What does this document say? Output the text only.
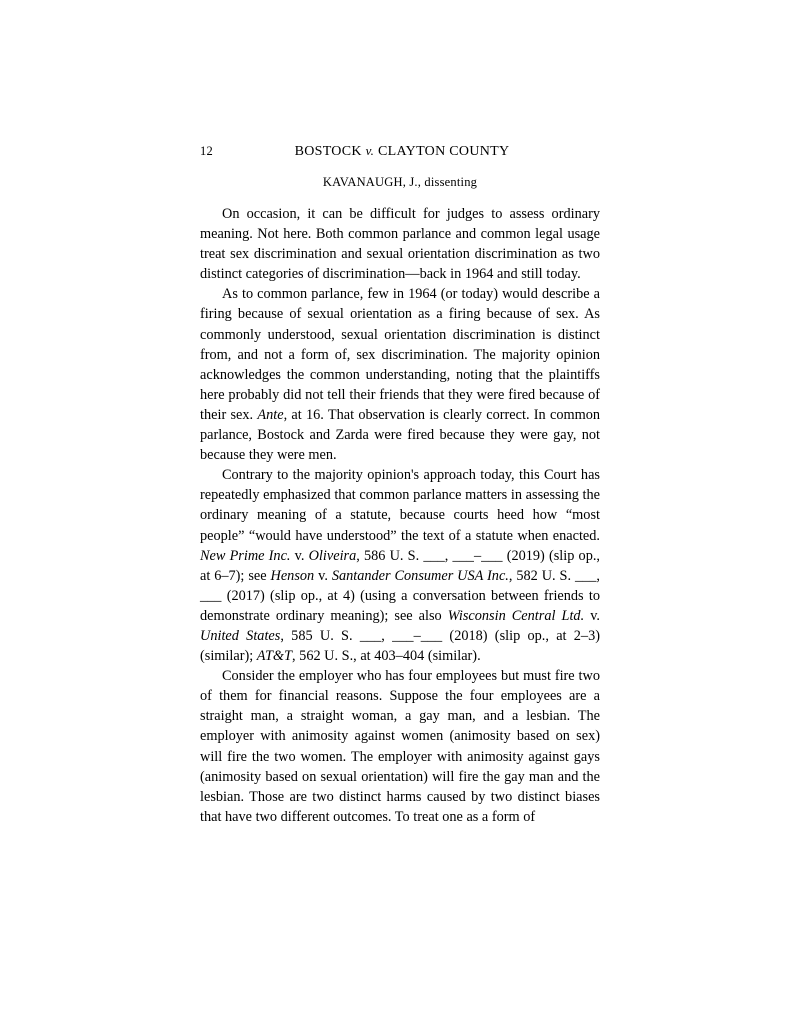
12	BOSTOCK v. CLAYTON COUNTY
KAVANAUGH, J., dissenting

On occasion, it can be difficult for judges to assess ordinary meaning. Not here. Both common parlance and common legal usage treat sex discrimination and sexual orientation discrimination as two distinct categories of discrimination—back in 1964 and still today.

As to common parlance, few in 1964 (or today) would describe a firing because of sexual orientation as a firing because of sex. As commonly understood, sexual orientation discrimination is distinct from, and not a form of, sex discrimination. The majority opinion acknowledges the common understanding, noting that the plaintiffs here probably did not tell their friends that they were fired because of their sex. Ante, at 16. That observation is clearly correct. In common parlance, Bostock and Zarda were fired because they were gay, not because they were men.

Contrary to the majority opinion's approach today, this Court has repeatedly emphasized that common parlance matters in assessing the ordinary meaning of a statute, because courts heed how “most people” “would have understood” the text of a statute when enacted. New Prime Inc. v. Oliveira, 586 U. S. ___, ___–___ (2019) (slip op., at 6–7); see Henson v. Santander Consumer USA Inc., 582 U. S. ___, ___ (2017) (slip op., at 4) (using a conversation between friends to demonstrate ordinary meaning); see also Wisconsin Central Ltd. v. United States, 585 U. S. ___, ___–___ (2018) (slip op., at 2–3) (similar); AT&T, 562 U. S., at 403–404 (similar).

Consider the employer who has four employees but must fire two of them for financial reasons. Suppose the four employees are a straight man, a straight woman, a gay man, and a lesbian. The employer with animosity against women (animosity based on sex) will fire the two women. The employer with animosity against gays (animosity based on sexual orientation) will fire the gay man and the lesbian. Those are two distinct harms caused by two distinct biases that have two different outcomes. To treat one as a form of
